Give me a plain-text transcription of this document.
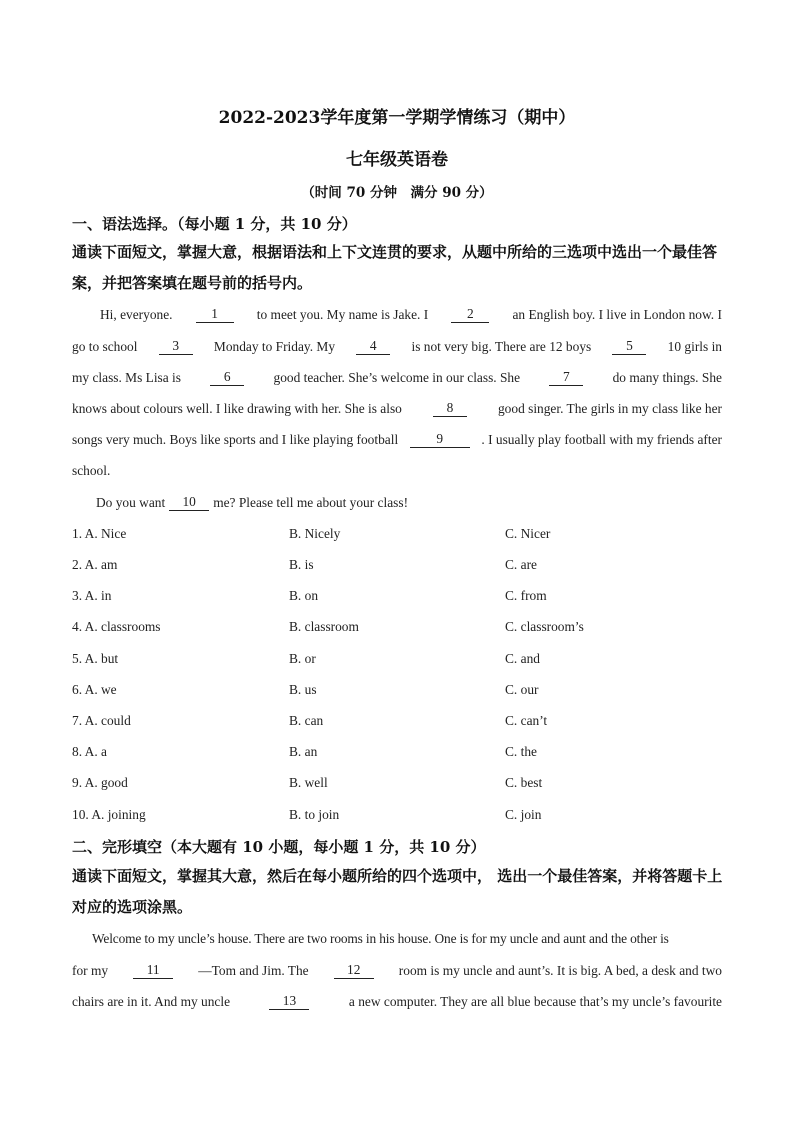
2022-2023学年度第一学期学情练习（期中）
七年级英语卷
（时间 70 分钟　满分 90 分）
一、语法选择。（每小题 1 分，共 10 分）
通读下面短文，掌握大意，根据语法和上下文连贯的要求，从题中所给的三选项中选出一个最佳答案，并把答案填在题号前的括号内。
Hi, everyone.	1	to meet you. My name is Jake. I	2	an English boy. I live in London now. I
go to school	3	Monday to Friday. My	4	is not very big. There are 12 boys	5	10 girls in
my class. Ms Lisa is	6	good teacher. She’s welcome in our class. She	7	do many things. She
knows about colours well. I like drawing with her. She is also	8	good singer. The girls in my class like her
songs very much. Boys like sports and I like playing football	9	. I usually play football with my friends after
school.
Do you want	10	me? Please tell me about your class!
1. A. Nice	B. Nicely	C. Nicer
2. A. am	B. is	C. are
3. A. in	B. on	C. from
4. A. classrooms	B. classroom	C. classroom’s
5. A. but	B. or	C. and
6. A. we	B. us	C. our
7. A. could	B. can	C. can’t
8. A. a	B. an	C. the
9. A. good	B. well	C. best
10. A. joining	B. to join	C. join
二、完形填空（本大题有 10 小题，每小题 1 分，共 10 分）
通读下面短文，掌握其大意，然后在每小题所给的四个选项中， 选出一个最佳答案，并将答题卡上对应的选项涂黑。
Welcome to my uncle’s house. There are two rooms in his house. One is for my uncle and aunt and the other is
for my	11	—Tom and Jim. The	12	room is my uncle and aunt’s. It is big. A bed, a desk and two
chairs are in it. And my uncle	13	a new computer. They are all blue because that’s my uncle’s favourite
